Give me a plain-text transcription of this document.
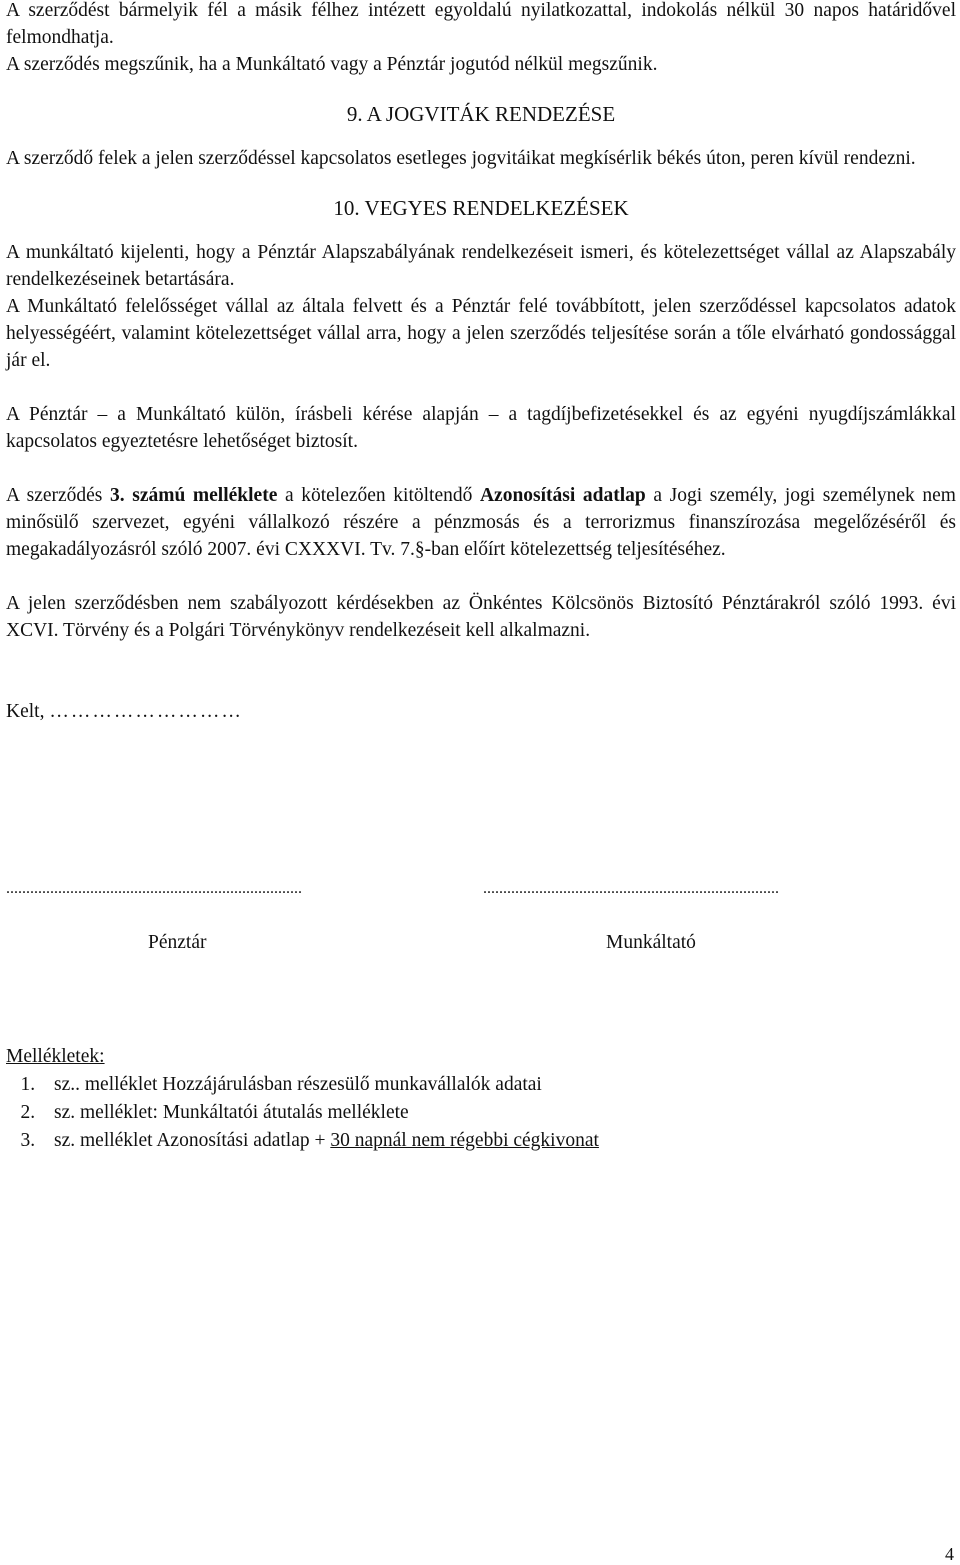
A szerződést bármelyik fél a másik félhez intézett egyoldalú nyilatkozattal, indokolás nélkül 30 napos határidővel felmondhatja.

A szerződés megszűnik, ha a Munkáltató vagy a Pénztár jogutód nélkül megszűnik.

9. A JOGVITÁK RENDEZÉSE

A szerződő felek a jelen szerződéssel kapcsolatos esetleges jogvitáikat megkísérlik békés úton, peren kívül rendezni.

10. VEGYES RENDELKEZÉSEK

A munkáltató kijelenti, hogy a Pénztár Alapszabályának rendelkezéseit ismeri, és kötelezettséget vállal az Alapszabály rendelkezéseinek betartására.

A Munkáltató felelősséget vállal az általa felvett és a Pénztár felé továbbított, jelen szerződéssel kapcsolatos adatok helyességéért, valamint kötelezettséget vállal arra, hogy a jelen szerződés teljesítése során a tőle elvárható gondossággal jár el.

A Pénztár – a Munkáltató külön, írásbeli kérése alapján – a tagdíjbefizetésekkel és az egyéni nyugdíjszámlákkal kapcsolatos egyeztetésre lehetőséget biztosít.

A szerződés 3. számú melléklete a kötelezően kitöltendő Azonosítási adatlap a Jogi személy, jogi személynek nem minősülő szervezet, egyéni vállalkozó részére a pénzmosás és a terrorizmus finanszírozása megelőzéséről és megakadályozásról szóló 2007. évi CXXXVI. Tv. 7.§-ban előírt kötelezettség teljesítéséhez.

A jelen szerződésben nem szabályozott kérdésekben az Önkéntes Kölcsönös Biztosító Pénztárakról szóló 1993. évi XCVI. Törvény és a Polgári Törvénykönyv rendelkezéseit kell alkalmazni.

Kelt, ………………………

..........................................................................	..........................................................................
Pénztár	Munkáltató
Mellékletek:
1. sz.. melléklet Hozzájárulásban részesülő munkavállalók adatai
2. sz. melléklet: Munkáltatói átutalás melléklete
3. sz. melléklet Azonosítási adatlap + 30 napnál nem régebbi cégkivonat
4
